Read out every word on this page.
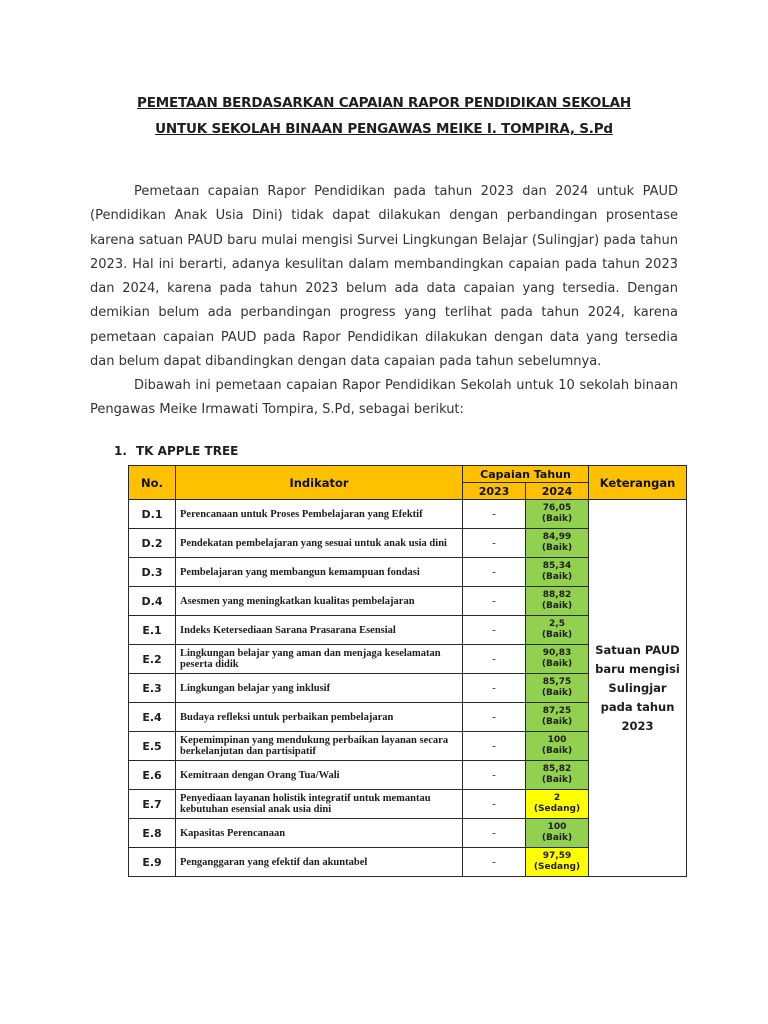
PEMETAAN BERDASARKAN CAPAIAN RAPOR PENDIDIKAN SEKOLAH
UNTUK SEKOLAH BINAAN PENGAWAS MEIKE I. TOMPIRA, S.Pd

Pemetaan capaian Rapor Pendidikan pada tahun 2023 dan 2024 untuk PAUD (Pendidikan Anak Usia Dini) tidak dapat dilakukan dengan perbandingan prosentase karena satuan PAUD baru mulai mengisi Survei Lingkungan Belajar (Sulingjar) pada tahun 2023. Hal ini berarti, adanya kesulitan dalam membandingkan capaian pada tahun 2023 dan 2024, karena pada tahun 2023 belum ada data capaian yang tersedia. Dengan demikian belum ada perbandingan progress yang terlihat pada tahun 2024, karena pemetaan capaian PAUD pada Rapor Pendidikan dilakukan dengan data yang tersedia dan belum dapat dibandingkan dengan data capaian pada tahun sebelumnya.

Dibawah ini pemetaan capaian Rapor Pendidikan Sekolah untuk 10 sekolah binaan Pengawas Meike Irmawati Tompira, S.Pd, sebagai berikut:

1. TK APPLE TREE
No.	Indikator	Capaian Tahun		Keterangan
		2023	2024	
D.1	Perencanaan untuk Proses Pembelajaran yang Efektif	-	76,05
(Baik)	Satuan PAUD baru mengisi Sulingjar pada tahun 2023
D.2	Pendekatan pembelajaran yang sesuai untuk anak usia dini	-	84,99
(Baik)	

D.3	Pembelajaran yang membangun kemampuan fondasi	-	85,34
(Baik)	

D.4	Asesmen yang meningkatkan kualitas pembelajaran	-	88,82
(Baik)	

E.1	Indeks Ketersediaan Sarana Prasarana Esensial	-	2,5
(Baik)	

E.2	Lingkungan belajar yang aman dan menjaga keselamatan peserta didik	-	90,83
(Baik)	

E.3	Lingkungan belajar yang inklusif	-	85,75
(Baik)	

E.4	Budaya refleksi untuk perbaikan pembelajaran	-	87,25
(Baik)	

E.5	Kepemimpinan yang mendukung perbaikan layanan secara berkelanjutan dan partisipatif	-	100
(Baik)	

E.6	Kemitraan dengan Orang Tua/Wali	-	85,82
(Baik)	

E.7	Penyediaan layanan holistik integratif untuk memantau kebutuhan esensial anak usia dini	-	2
(Sedang)	

E.8	Kapasitas Perencanaan	-	100
(Baik)	

E.9	Penganggaran yang efektif dan akuntabel	-	97,59
(Sedang)	
